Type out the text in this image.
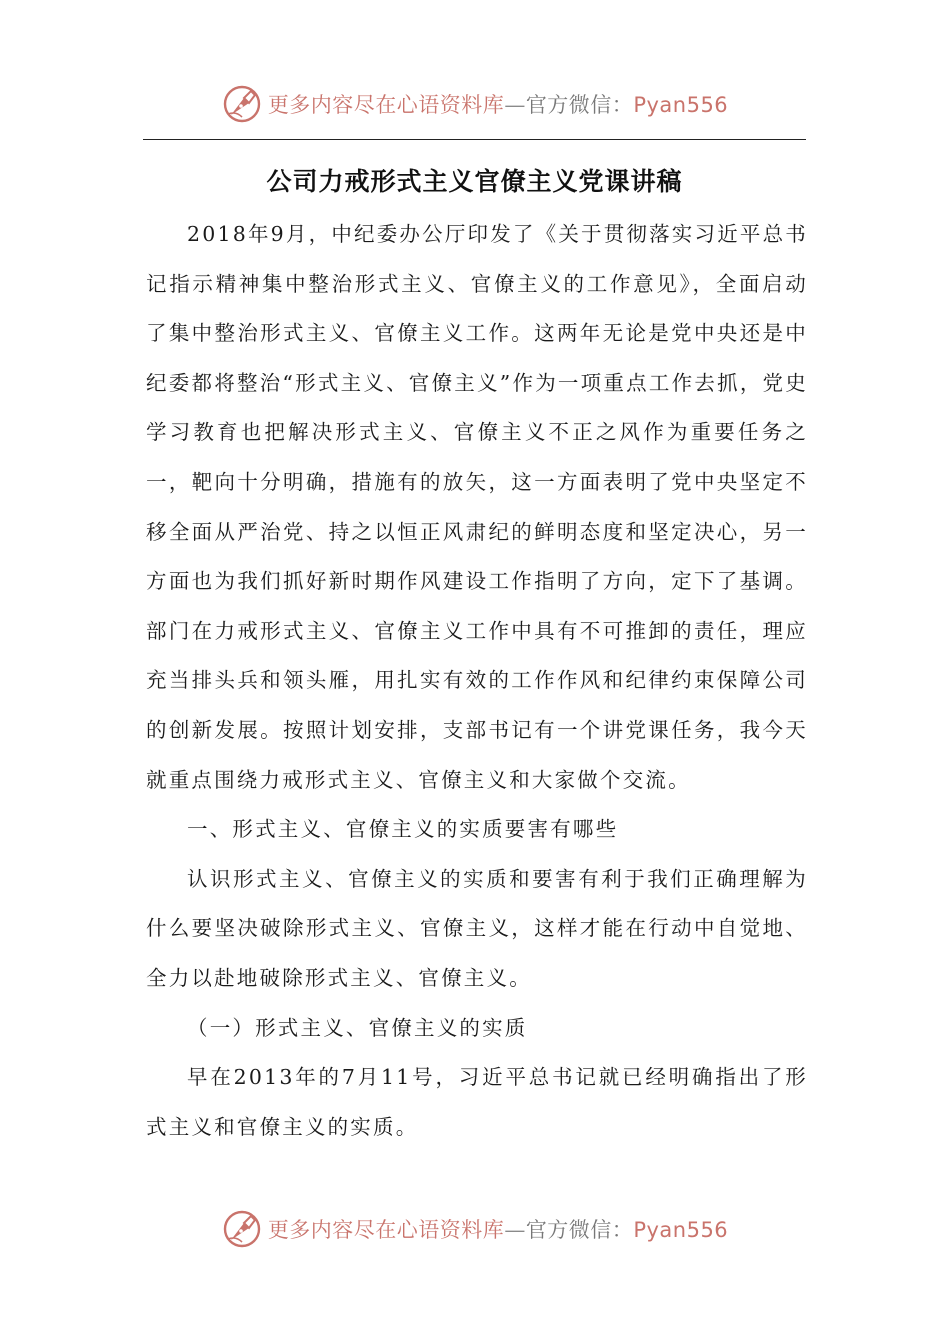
更多内容尽在心语资料库—官方微信：Pyan556
公司力戒形式主义官僚主义党课讲稿

2018年9月，中纪委办公厅印发了《关于贯彻落实习近平总书记指示精神集中整治形式主义、官僚主义的工作意见》，全面启动了集中整治形式主义、官僚主义工作。这两年无论是党中央还是中纪委都将整治“形式主义、官僚主义”作为一项重点工作去抓，党史学习教育也把解决形式主义、官僚主义不正之风作为重要任务之一，靶向十分明确，措施有的放矢，这一方面表明了党中央坚定不移全面从严治党、持之以恒正风肃纪的鲜明态度和坚定决心，另一方面也为我们抓好新时期作风建设工作指明了方向，定下了基调。部门在力戒形式主义、官僚主义工作中具有不可推卸的责任，理应充当排头兵和领头雁，用扎实有效的工作作风和纪律约束保障公司的创新发展。按照计划安排，支部书记有一个讲党课任务，我今天就重点围绕力戒形式主义、官僚主义和大家做个交流。

一、形式主义、官僚主义的实质要害有哪些

认识形式主义、官僚主义的实质和要害有利于我们正确理解为什么要坚决破除形式主义、官僚主义，这样才能在行动中自觉地、全力以赴地破除形式主义、官僚主义。

（一）形式主义、官僚主义的实质

早在2013年的7月11号，习近平总书记就已经明确指出了形式主义和官僚主义的实质。

更多内容尽在心语资料库—官方微信：Pyan556
